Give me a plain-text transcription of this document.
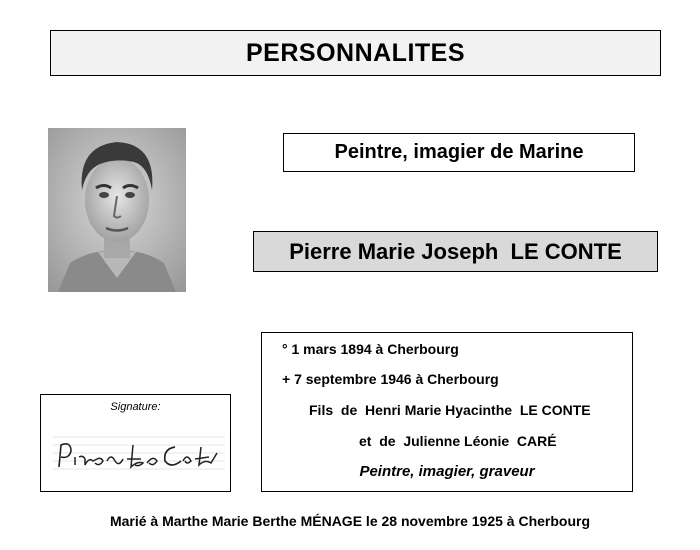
PERSONNALITES
Peintre, imagier de Marine
Pierre Marie Joseph  LE CONTE
° 1 mars 1894 à Cherbourg
+ 7 septembre 1946 à Cherbourg
Fils  de  Henri Marie Hyacinthe  LE CONTE
et  de  Julienne Léonie  CARÉ
Peintre, imagier, graveur
Signature:
Marié à Marthe Marie Berthe MÉNAGE le 28 novembre 1925 à Cherbourg
